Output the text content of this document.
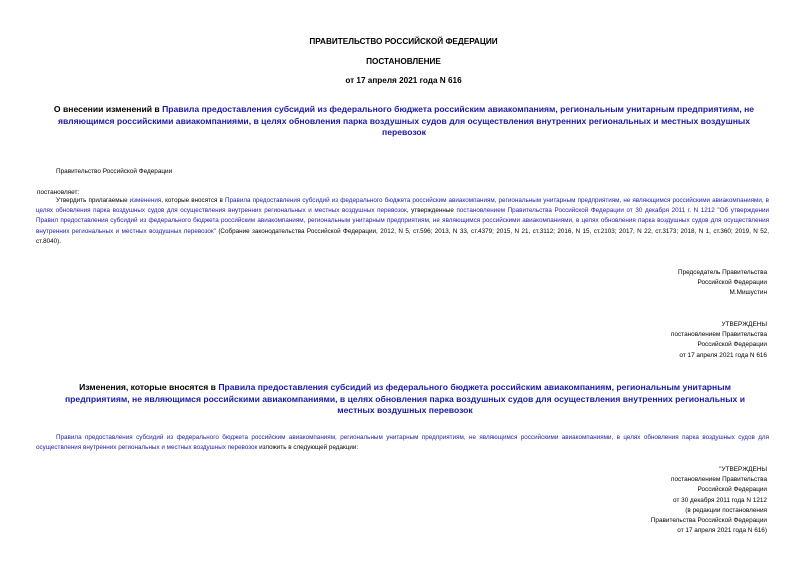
ПРАВИТЕЛЬСТВО РОССИЙСКОЙ ФЕДЕРАЦИИ
ПОСТАНОВЛЕНИЕ
от 17 апреля 2021 года N 616
О внесении изменений в Правила предоставления субсидий из федерального бюджета российским авиакомпаниям, региональным унитарным предприятиям, не являющимся российскими авиакомпаниями, в целях обновления парка воздушных судов для осуществления внутренних региональных и местных воздушных перевозок
Правительство Российской Федерации
постановляет:
Утвердить прилагаемые изменения, которые вносятся в Правила предоставления субсидий из федерального бюджета российским авиакомпаниям, региональным унитарным предприятиям, не являющимся российскими авиакомпаниями, в целях обновления парка воздушных судов для осуществления внутренних региональных и местных воздушных перевозок, утвержденные постановлением Правительства Российской Федерации от 30 декабря 2011 г. N 1212 "Об утверждении Правил предоставления субсидий из федерального бюджета российским авиакомпаниям, региональным унитарным предприятиям, не являющимся российскими авиакомпаниями, в целях обновления парка воздушных судов для осуществления внутренних региональных и местных воздушных перевозок" (Собрание законодательства Российской Федерации, 2012, N 5, ст.596; 2013, N 33, ст.4379; 2015, N 21, ст.3112; 2016, N 15, ст.2103; 2017, N 22, ст.3173; 2018, N 1, ст.360; 2019, N 52, ст.8040).
Председатель Правительства
Российской Федерации
М.Мишустин
УТВЕРЖДЕНЫ
постановлением Правительства
Российской Федерации
от 17 апреля 2021 года N 616
Изменения, которые вносятся в Правила предоставления субсидий из федерального бюджета российским авиакомпаниям, региональным унитарным предприятиям, не являющимся российскими авиакомпаниями, в целях обновления парка воздушных судов для осуществления внутренних региональных и местных воздушных перевозок
Правила предоставления субсидий из федерального бюджета российским авиакомпаниям, региональным унитарным предприятиям, не являющимся российскими авиакомпаниями, в целях обновления парка воздушных судов для осуществления внутренних региональных и местных воздушных перевозок изложить в следующей редакции:
"УТВЕРЖДЕНЫ
постановлением Правительства
Российской Федерации
от 30 декабря 2011 года N 1212
(в редакции постановления
Правительства Российской Федерации
от 17 апреля 2021 года N 616)
